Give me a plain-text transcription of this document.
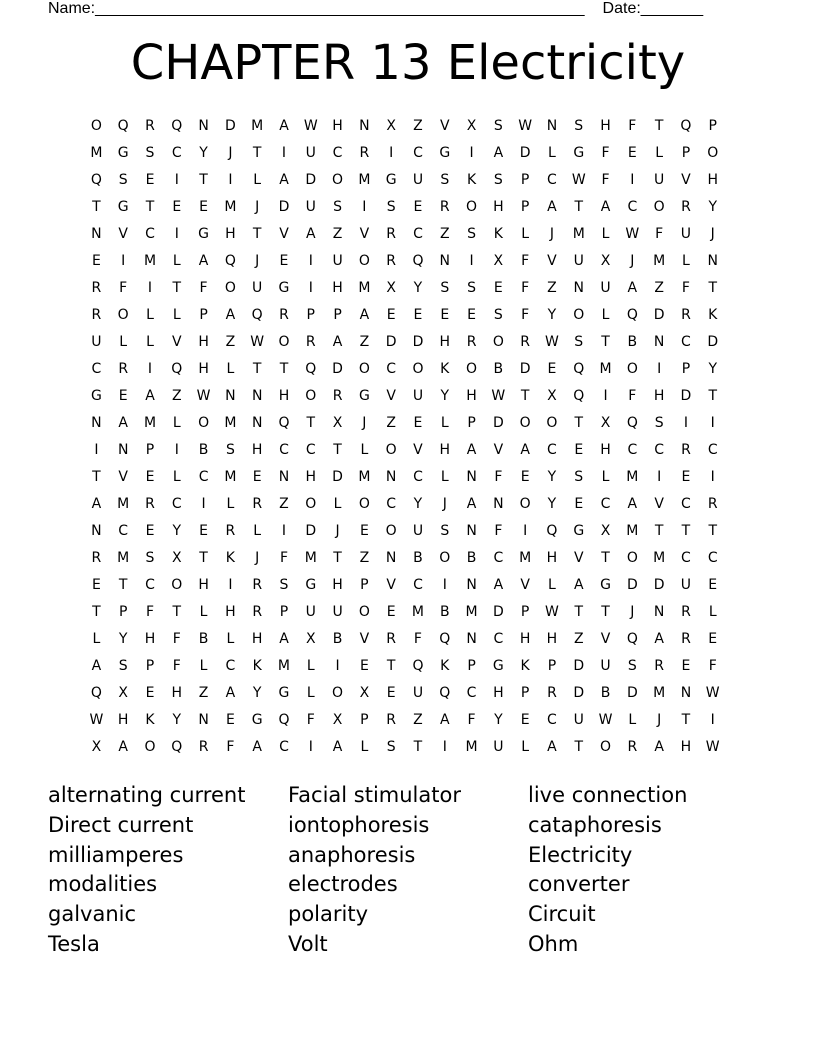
Name:_______________________________________________________ Date:_______
CHAPTER 13 Electricity
O	Q	R	Q	N	D	M	A	W	H	N	X	Z	V	X	S	W	N	S	H	F	T	Q	P
M	G	S	C	Y	J	T	I	U	C	R	I	C	G	I	A	D	L	G	F	E	L	P	O
Q	S	E	I	T	I	L	A	D	O	M	G	U	S	K	S	P	C	W	F	I	U	V	H
T	G	T	E	E	M	J	D	U	S	I	S	E	R	O	H	P	A	T	A	C	O	R	Y
N	V	C	I	G	H	T	V	A	Z	V	R	C	Z	S	K	L	J	M	L	W	F	U	J
E	I	M	L	A	Q	J	E	I	U	O	R	Q	N	I	X	F	V	U	X	J	M	L	N
R	F	I	T	F	O	U	G	I	H	M	X	Y	S	S	E	F	Z	N	U	A	Z	F	T
R	O	L	L	P	A	Q	R	P	P	A	E	E	E	E	S	F	Y	O	L	Q	D	R	K
U	L	L	V	H	Z	W	O	R	A	Z	D	D	H	R	O	R	W	S	T	B	N	C	D
C	R	I	Q	H	L	T	T	Q	D	O	C	O	K	O	B	D	E	Q	M	O	I	P	Y
G	E	A	Z	W	N	N	H	O	R	G	V	U	Y	H	W	T	X	Q	I	F	H	D	T
N	A	M	L	O	M	N	Q	T	X	J	Z	E	L	P	D	O	O	T	X	Q	S	I	I
I	N	P	I	B	S	H	C	C	T	L	O	V	H	A	V	A	C	E	H	C	C	R	C
T	V	E	L	C	M	E	N	H	D	M	N	C	L	N	F	E	Y	S	L	M	I	E	I
A	M	R	C	I	L	R	Z	O	L	O	C	Y	J	A	N	O	Y	E	C	A	V	C	R
N	C	E	Y	E	R	L	I	D	J	E	O	U	S	N	F	I	Q	G	X	M	T	T	T
R	M	S	X	T	K	J	F	M	T	Z	N	B	O	B	C	M	H	V	T	O	M	C	C
E	T	C	O	H	I	R	S	G	H	P	V	C	I	N	A	V	L	A	G	D	D	U	E
T	P	F	T	L	H	R	P	U	U	O	E	M	B	M	D	P	W	T	T	J	N	R	L
L	Y	H	F	B	L	H	A	X	B	V	R	F	Q	N	C	H	H	Z	V	Q	A	R	E
A	S	P	F	L	C	K	M	L	I	E	T	Q	K	P	G	K	P	D	U	S	R	E	F
Q	X	E	H	Z	A	Y	G	L	O	X	E	U	Q	C	H	P	R	D	B	D	M	N	W
W	H	K	Y	N	E	G	Q	F	X	P	R	Z	A	F	Y	E	C	U	W	L	J	T	I
X	A	O	Q	R	F	A	C	I	A	L	S	T	I	M	U	L	A	T	O	R	A	H	W
alternating current	Facial stimulator	live connection
Direct current	iontophoresis	cataphoresis
milliamperes	anaphoresis	Electricity
modalities	electrodes	converter
galvanic	polarity	Circuit
Tesla	Volt	Ohm
